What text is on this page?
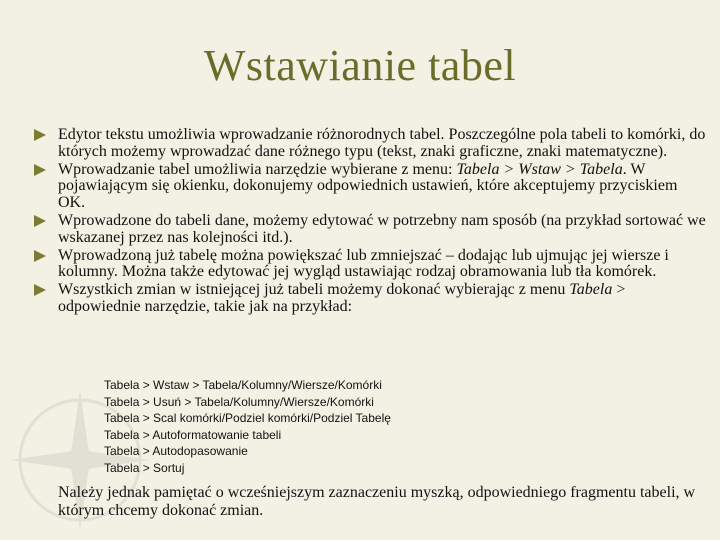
Wstawianie tabel
Edytor tekstu umożliwia wprowadzanie różnorodnych tabel. Poszczególne pola tabeli to komórki, do których możemy wprowadzać dane różnego typu (tekst, znaki graficzne, znaki matematyczne).
Wprowadzanie tabel umożliwia narzędzie wybierane z menu: Tabela > Wstaw > Tabela. W pojawiającym się okienku, dokonujemy odpowiednich ustawień, które akceptujemy przyciskiem OK.
Wprowadzone do tabeli dane, możemy edytować w potrzebny nam sposób (na przykład sortować we wskazanej przez nas kolejności itd.).
Wprowadzoną już tabelę można powiększać lub zmniejszać – dodając lub ujmując jej wiersze i kolumny. Można także edytować jej wygląd ustawiając rodzaj obramowania lub tła komórek.
Wszystkich zmian w istniejącej już tabeli możemy dokonać wybierając z menu Tabela > odpowiednie narzędzie, takie jak na przykład:
Tabela > Wstaw > Tabela/Kolumny/Wiersze/Komórki
Tabela > Usuń > Tabela/Kolumny/Wiersze/Komórki
Tabela > Scal komórki/Podziel komórki/Podziel Tabelę
Tabela > Autoformatowanie tabeli
Tabela > Autodopasowanie
Tabela > Sortuj
Należy jednak pamiętać o wcześniejszym zaznaczeniu myszką, odpowiedniego fragmentu tabeli, w którym chcemy dokonać zmian.
